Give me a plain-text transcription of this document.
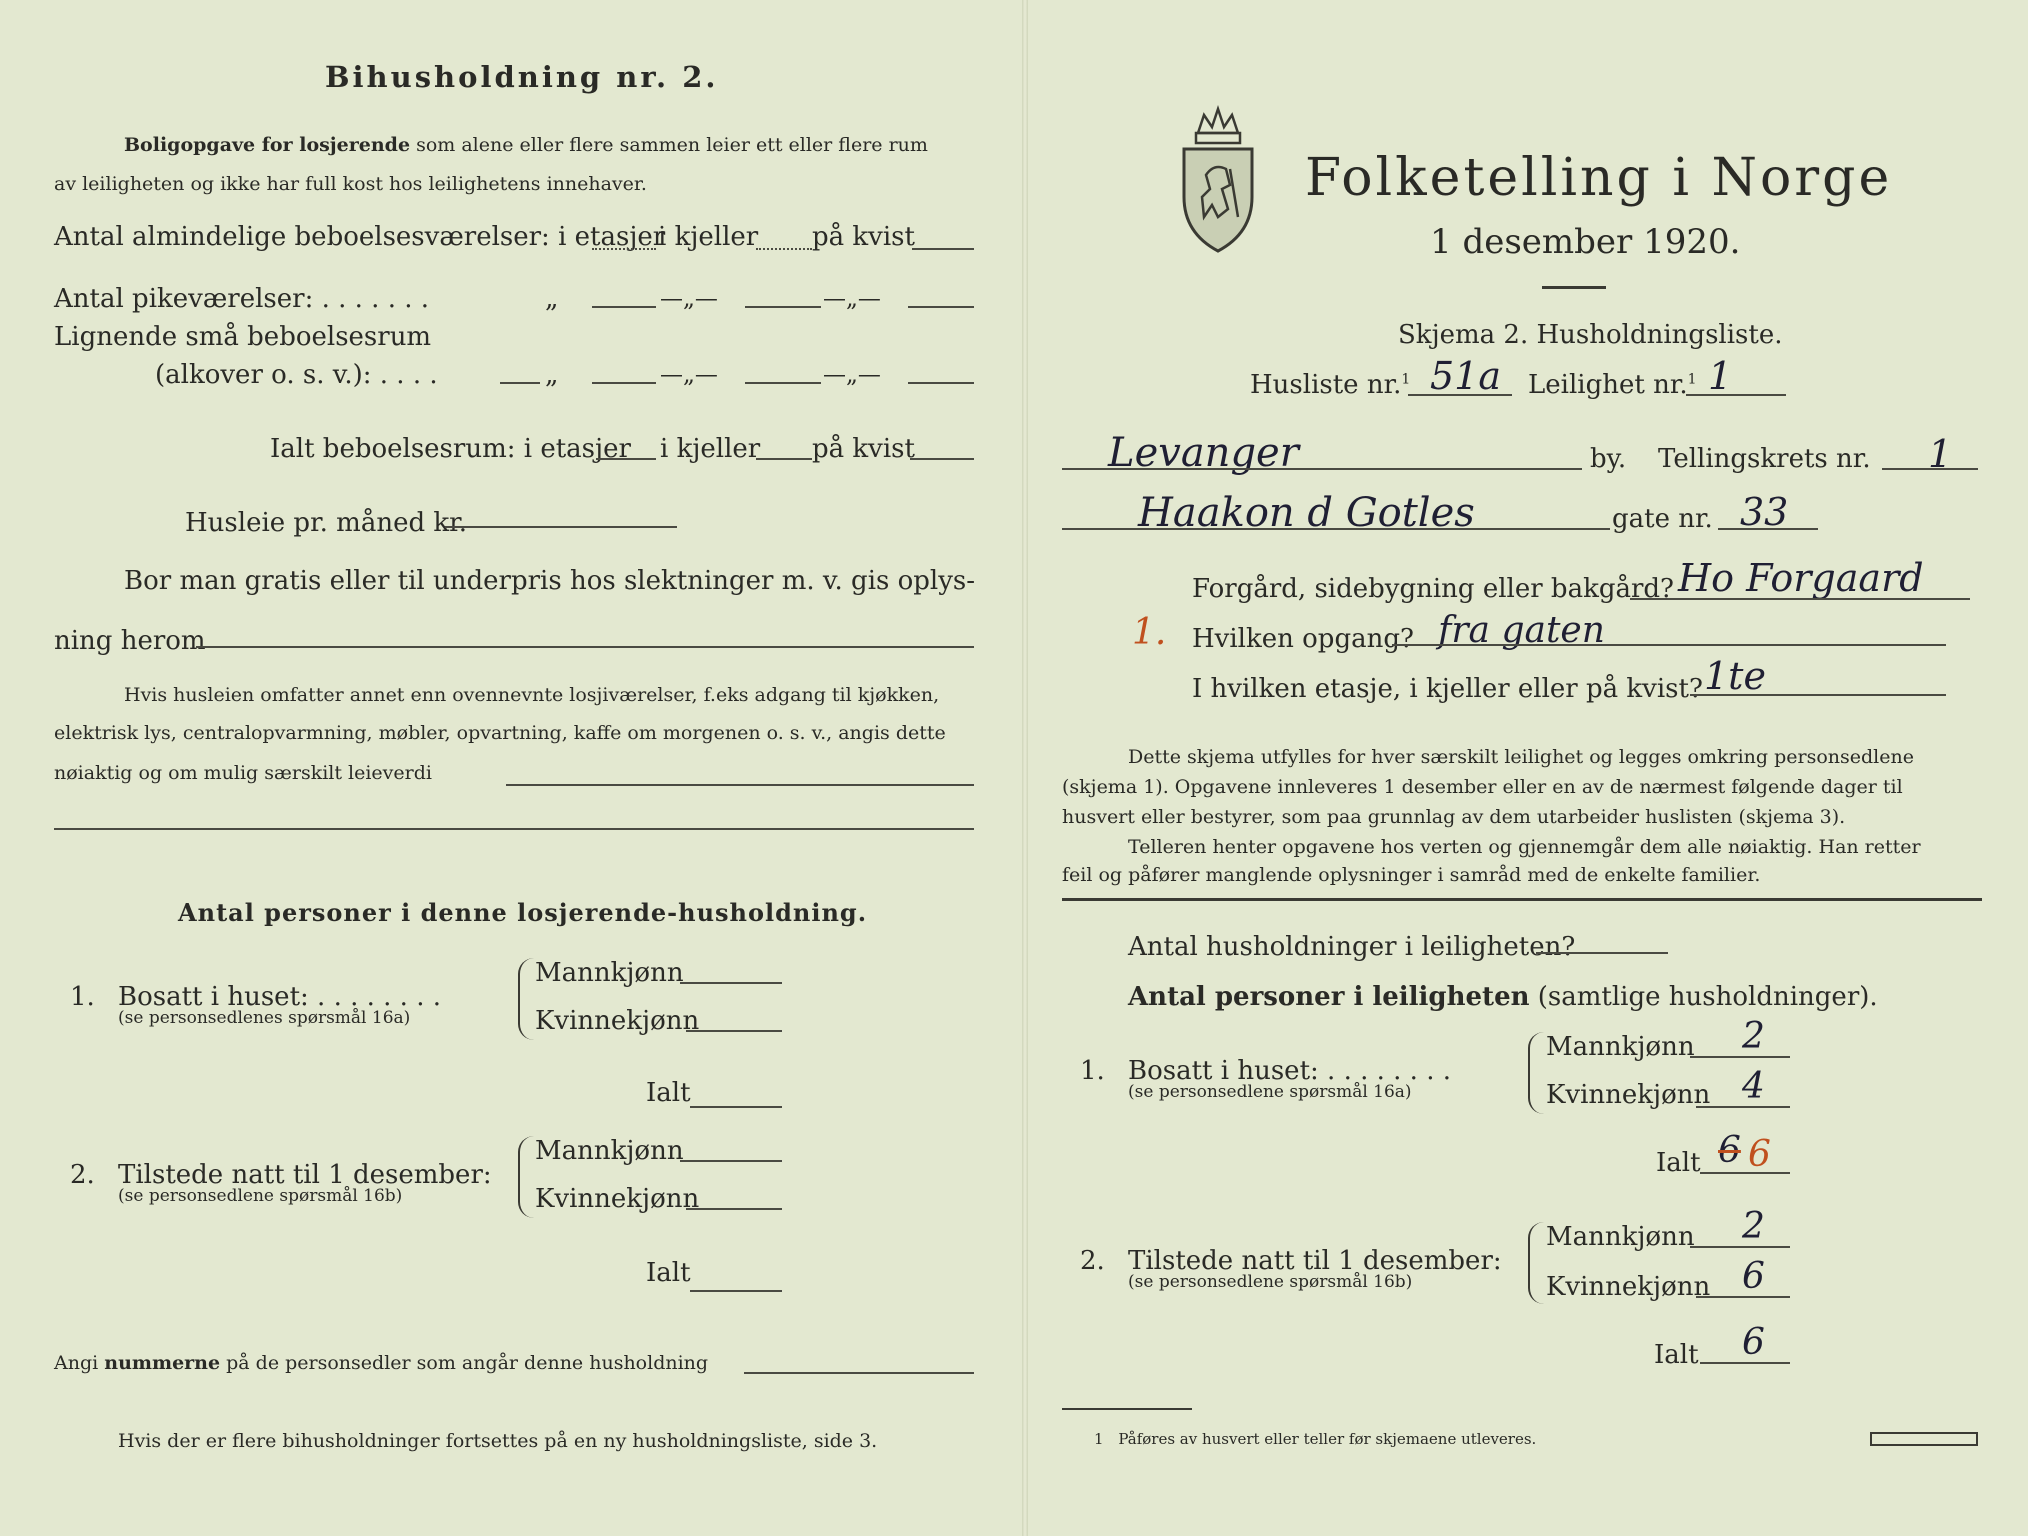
Bihusholdning nr. 2.
Boligopgave for losjerende som alene eller flere sammen leier ett eller flere rum
av leiligheten og ikke har full kost hos leilighetens innehaver.
Antal almindelige beboelsesværelser: i etasjer
i kjeller på kvist
Antal pikeværelser: . . . . . . .	„	—„—	—„—
Lignende små beboelsesrum
(alkover o. s. v.): . . . .	„	—„—	—„—
Ialt beboelsesrum: i etasjer i kjeller på kvist
Husleie pr. måned kr.
Bor man gratis eller til underpris hos slektninger m. v. gis oplys-
ning herom
Hvis husleien omfatter annet enn ovennevnte losjiværelser, f.eks adgang til kjøkken,
elektrisk lys, centralopvarmning, møbler, opvartning, kaffe om morgenen o. s. v., angis dette
nøiaktig og om mulig særskilt leieverdi
Antal personer i denne losjerende-husholdning.
1. Bosatt i huset: . . . . . . . .
(se personsedlenes spørsmål 16a)
Mannkjønn
Kvinnekjønn
Ialt
2. Tilstede natt til 1 desember:
(se personsedlene spørsmål 16b)
Mannkjønn
Kvinnekjønn
Ialt
Angi nummerne på de personsedler som angår denne husholdning
Hvis der er flere bihusholdninger fortsettes på en ny husholdningsliste, side 3.
Folketelling i Norge
1 desember 1920.
Skjema 2. Husholdningsliste.
Husliste nr.$^1$ 51a Leilighet nr.$^1$ 1
Levanger	by. Tellingskrets nr. 1
Haakon d Gotles	gate nr. 33
Forgård, sidebygning eller bakgård? Ho Forgaard
1. Hvilken opgang? fra gaten
I hvilken etasje, i kjeller eller på kvist? 1te
Dette skjema utfylles for hver særskilt leilighet og legges omkring personsedlene
(skjema 1). Opgavene innleveres 1 desember eller en av de nærmest følgende dager til
husvert eller bestyrer, som paa grunnlag av dem utarbeider huslisten (skjema 3).
Telleren henter opgavene hos verten og gjennemgår dem alle nøiaktig. Han retter
feil og påfører manglende oplysninger i samråd med de enkelte familier.
Antal husholdninger i leiligheten?
Antal personer i leiligheten (samtlige husholdninger).
1. Bosatt i huset: . . . . . . . .
(se personsedlene spørsmål 16a)
Mannkjønn 2
Kvinnekjønn 4
Ialt 6 6
2. Tilstede natt til 1 desember:
(se personsedlene spørsmål 16b)
Mannkjønn 2
Kvinnekjønn 6
Ialt 6
1 Påføres av husvert eller teller før skjemaene utleveres.
